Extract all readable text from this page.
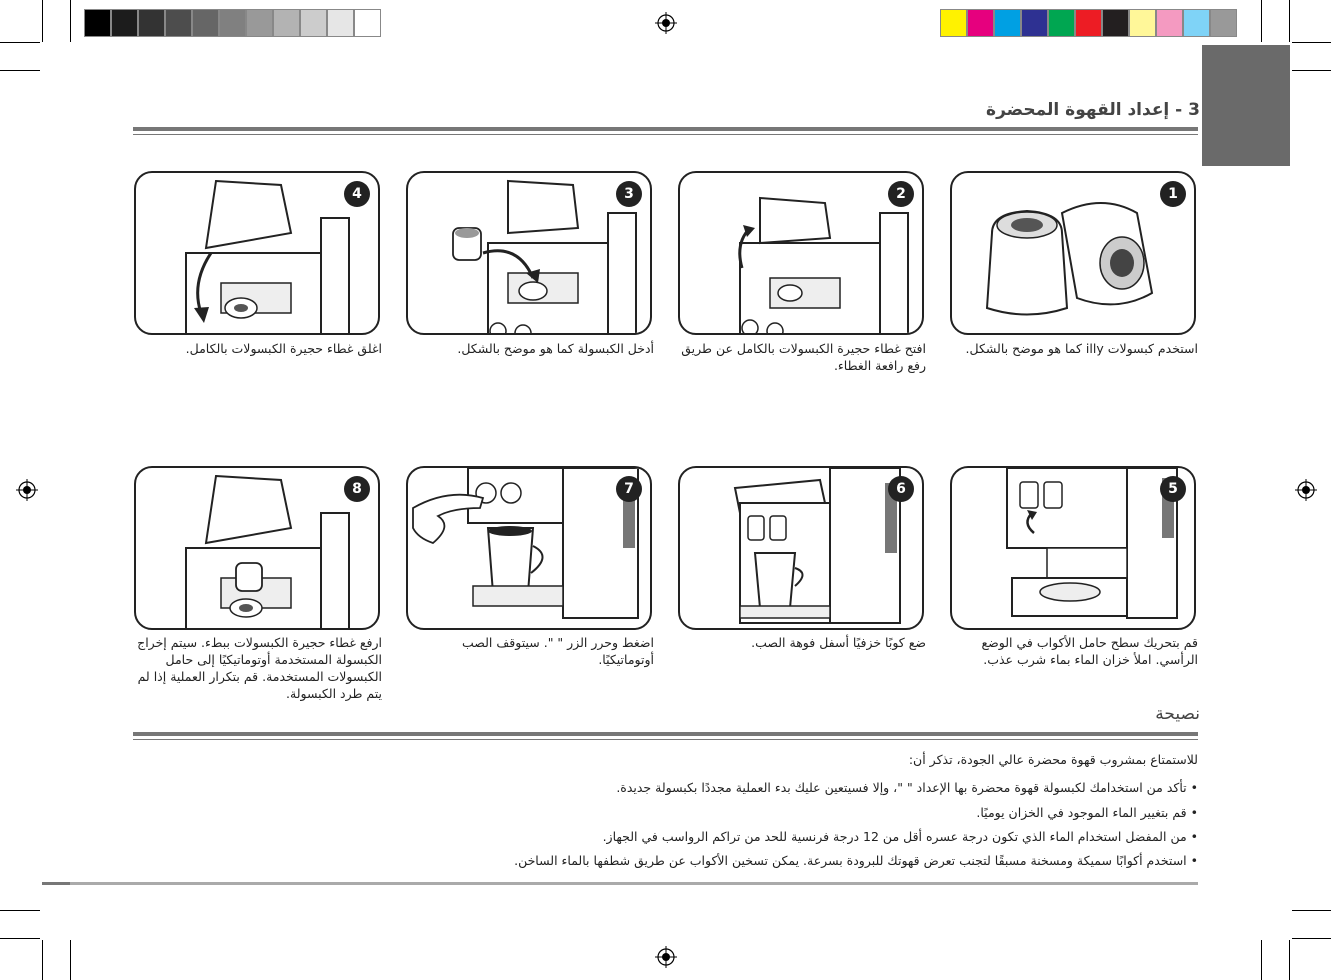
3 - إعداد القهوة المحضرة
1
2
3
4
استخدم كبسولات illy كما هو موضح بالشكل.
افتح غطاء حجيرة الكبسولات بالكامل عن طريق رفع رافعة الغطاء.
أدخل الكبسولة كما هو موضح بالشكل.
اغلق غطاء حجيرة الكبسولات بالكامل.
5
6
7
8
قم بتحريك سطح حامل الأكواب في الوضع الرأسي. املأ خزان الماء بماء شرب عذب.
ضع كوبًا خزفيًا أسفل فوهة الصب.
اضغط وحرر الزر " ". سيتوقف الصب أوتوماتيكيًا.
ارفع غطاء حجيرة الكبسولات ببطء. سيتم إخراج الكبسولة المستخدمة أوتوماتيكيًا إلى حامل الكبسولات المستخدمة. قم بتكرار العملية إذا لم يتم طرد الكبسولة.
نصيحة
للاستمتاع بمشروب قهوة محضرة عالي الجودة، تذكر أن:
• تأكد من استخدامك لكبسولة قهوة محضرة بها الإعداد " "، وإلا فسيتعين عليك بدء العملية مجددًا بكبسولة جديدة.
• قم بتغيير الماء الموجود في الخزان يوميًا.
• من المفضل استخدام الماء الذي تكون درجة عسره أقل من 12 درجة فرنسية للحد من تراكم الرواسب في الجهاز.
• استخدم أكوابًا سميكة ومسخنة مسبقًا لتجنب تعرض قهوتك للبرودة بسرعة. يمكن تسخين الأكواب عن طريق شطفها بالماء الساخن.
